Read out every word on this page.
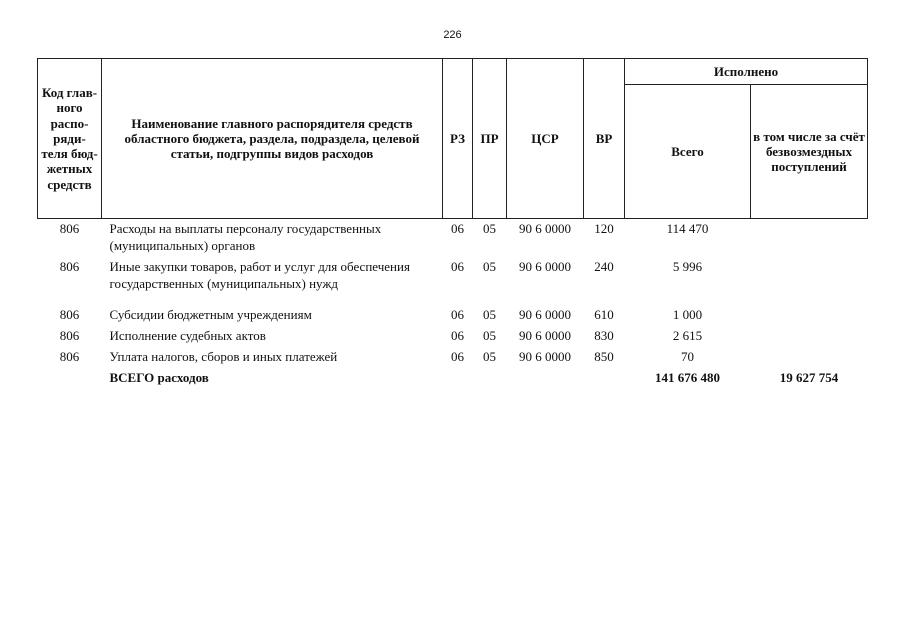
226
Код глав-ного распо-ряди-теля бюд-жетных средств	Наименование главного распорядителя средств областного бюджета, раздела, подраздела, целевой статьи, подгруппы видов расходов	РЗ	ПР	ЦСР	ВР	Исполнено	
						Всего	в том числе за счёт безвозмездных поступлений
806	Расходы на выплаты персоналу государственных (муниципальных) органов	06	05	90 6 0000	120	114 470	
806	Иные закупки товаров, работ и услуг для обеспечения государственных (муниципальных) нужд	06	05	90 6 0000	240	5 996	
806	Субсидии бюджетным учреждениям	06	05	90 6 0000	610	1 000	
806	Исполнение судебных актов	06	05	90 6 0000	830	2 615	
806	Уплата налогов, сборов и иных платежей	06	05	90 6 0000	850	70	
	ВСЕГО расходов					141 676 480	19 627 754
